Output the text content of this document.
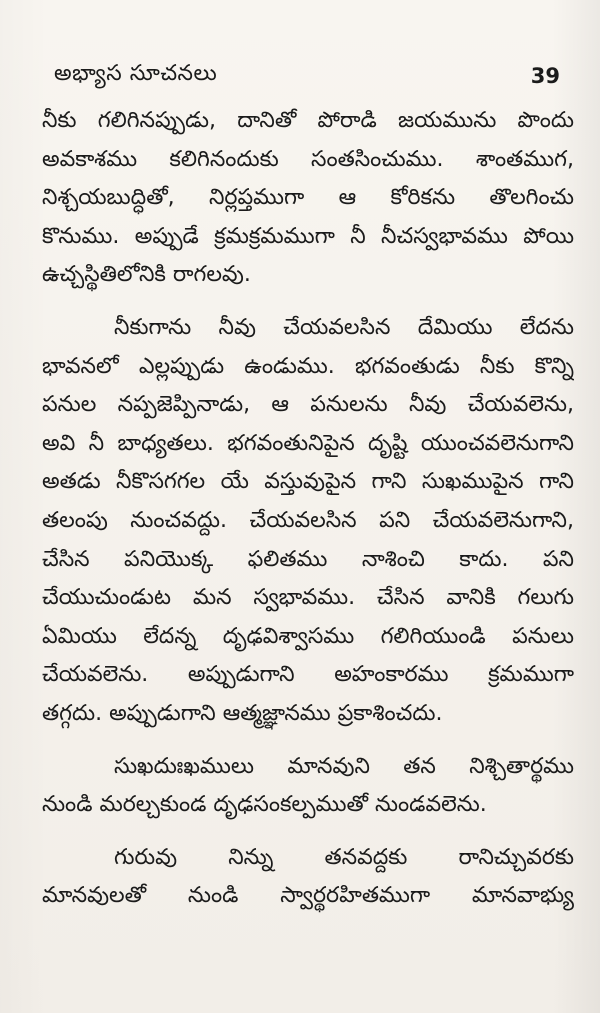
అభ్యాస సూచనలు	39
నీకు గలిగినప్పుడు, దానితో పోరాడి జయమును పొందు
అవకాశము కలిగినందుకు సంతసించుము. శాంతముగ,
నిశ్చయబుద్ధితో, నిర్లప్తముగా ఆ కోరికను తొలగించు
కొనుము. అప్పుడే క్రమక్రమముగా నీ నీచస్వభావము పోయి
ఉచ్చస్థితిలోనికి రాగలవు.
నీకుగాను నీవు చేయవలసిన దేమియు లేదను
భావనలో ఎల్లప్పుడు ఉండుము. భగవంతుడు నీకు కొన్ని
పనుల నప్పజెప్పినాడు, ఆ పనులను నీవు చేయవలెను,
అవి నీ బాధ్యతలు. భగవంతునిపైన దృష్టి యుంచవలెనుగాని
అతడు నీకొసగగల యే వస్తువుపైన గాని సుఖముపైన గాని
తలంపు నుంచవద్దు. చేయవలసిన పని చేయవలెనుగాని,
చేసిన పనియొక్క ఫలితము నాశించి కాదు. పని
చేయుచుండుట మన స్వభావము. చేసిన వానికి గలుగు
ఏమియు లేదన్న దృఢవిశ్వాసము గలిగియుండి పనులు
చేయవలెను. అప్పుడుగాని అహంకారము క్రమముగా
తగ్గదు. అప్పుడుగాని ఆత్మజ్ఞానము ప్రకాశించదు.
సుఖదుఃఖములు మానవుని తన నిశ్చితార్థము
నుండి మరల్చకుండ దృఢసంకల్పముతో నుండవలెను.
గురువు నిన్ను తనవద్దకు రానిచ్చువరకు
మానవులతో నుండి స్వార్థరహితముగా మానవాభ్యు
